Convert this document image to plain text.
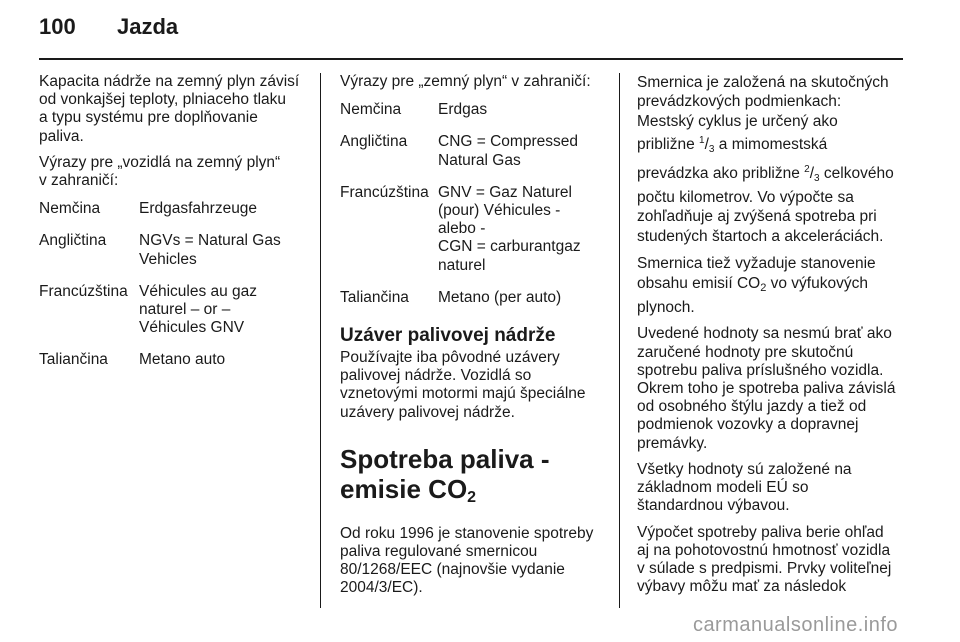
100	Jazda

Kapacita nádrže na zemný plyn závisí
od vonkajšej teploty, plniaceho tlaku
a typu systému pre doplňovanie
paliva.

Výrazy pre „vozidlá na zemný plyn“
v zahraničí:

Nemčina	Erdgasfahrzeuge
Angličtina	NGVs = Natural Gas
Vehicles
Francúzština Véhicules au gaz
naturel – or –
Véhicules GNV
Taliančina	Metano auto

Výrazy pre „zemný plyn“ v zahraničí:

Nemčina	Erdgas
Angličtina	CNG = Compressed
Natural Gas
Francúzština GNV = Gaz Naturel
(pour) Véhicules -
alebo -
CGN = carburantgaz
naturel
Taliančina	Metano (per auto)
Uzáver palivovej nádrže

Používajte iba pôvodné uzávery
palivovej nádrže. Vozidlá so
vznetovými motormi majú špeciálne
uzávery palivovej nádrže.

Spotreba paliva -
emisie $CO_2$

Od roku 1996 je stanovenie spotreby
paliva regulované smernicou
80/1268/EEC (najnovšie vydanie
2004/3/EC).

Smernica je založená na skutočných
prevádzkových podmienkach:
Mestský cyklus je určený ako
približne $^1/_3$ a mimomestská
prevádzka ako približne $^2/_3$ celkového
počtu kilometrov. Vo výpočte sa
zohľadňuje aj zvýšená spotreba pri
studených štartoch a akceleráciách.

Smernica tiež vyžaduje stanovenie
obsahu emisií $CO_2$ vo výfukových
plynoch.

Uvedené hodnoty sa nesmú brať ako
zaručené hodnoty pre skutočnú
spotrebu paliva príslušného vozidla.
Okrem toho je spotreba paliva závislá
od osobného štýlu jazdy a tiež od
podmienok vozovky a dopravnej
premávky.

Všetky hodnoty sú založené na
základnom modeli EÚ so
štandardnou výbavou.

Výpočet spotreby paliva berie ohľad
aj na pohotovostnú hmotnosť vozidla
v súlade s predpismi. Prvky voliteľnej
výbavy môžu mať za následok

carmanualsonline.info
